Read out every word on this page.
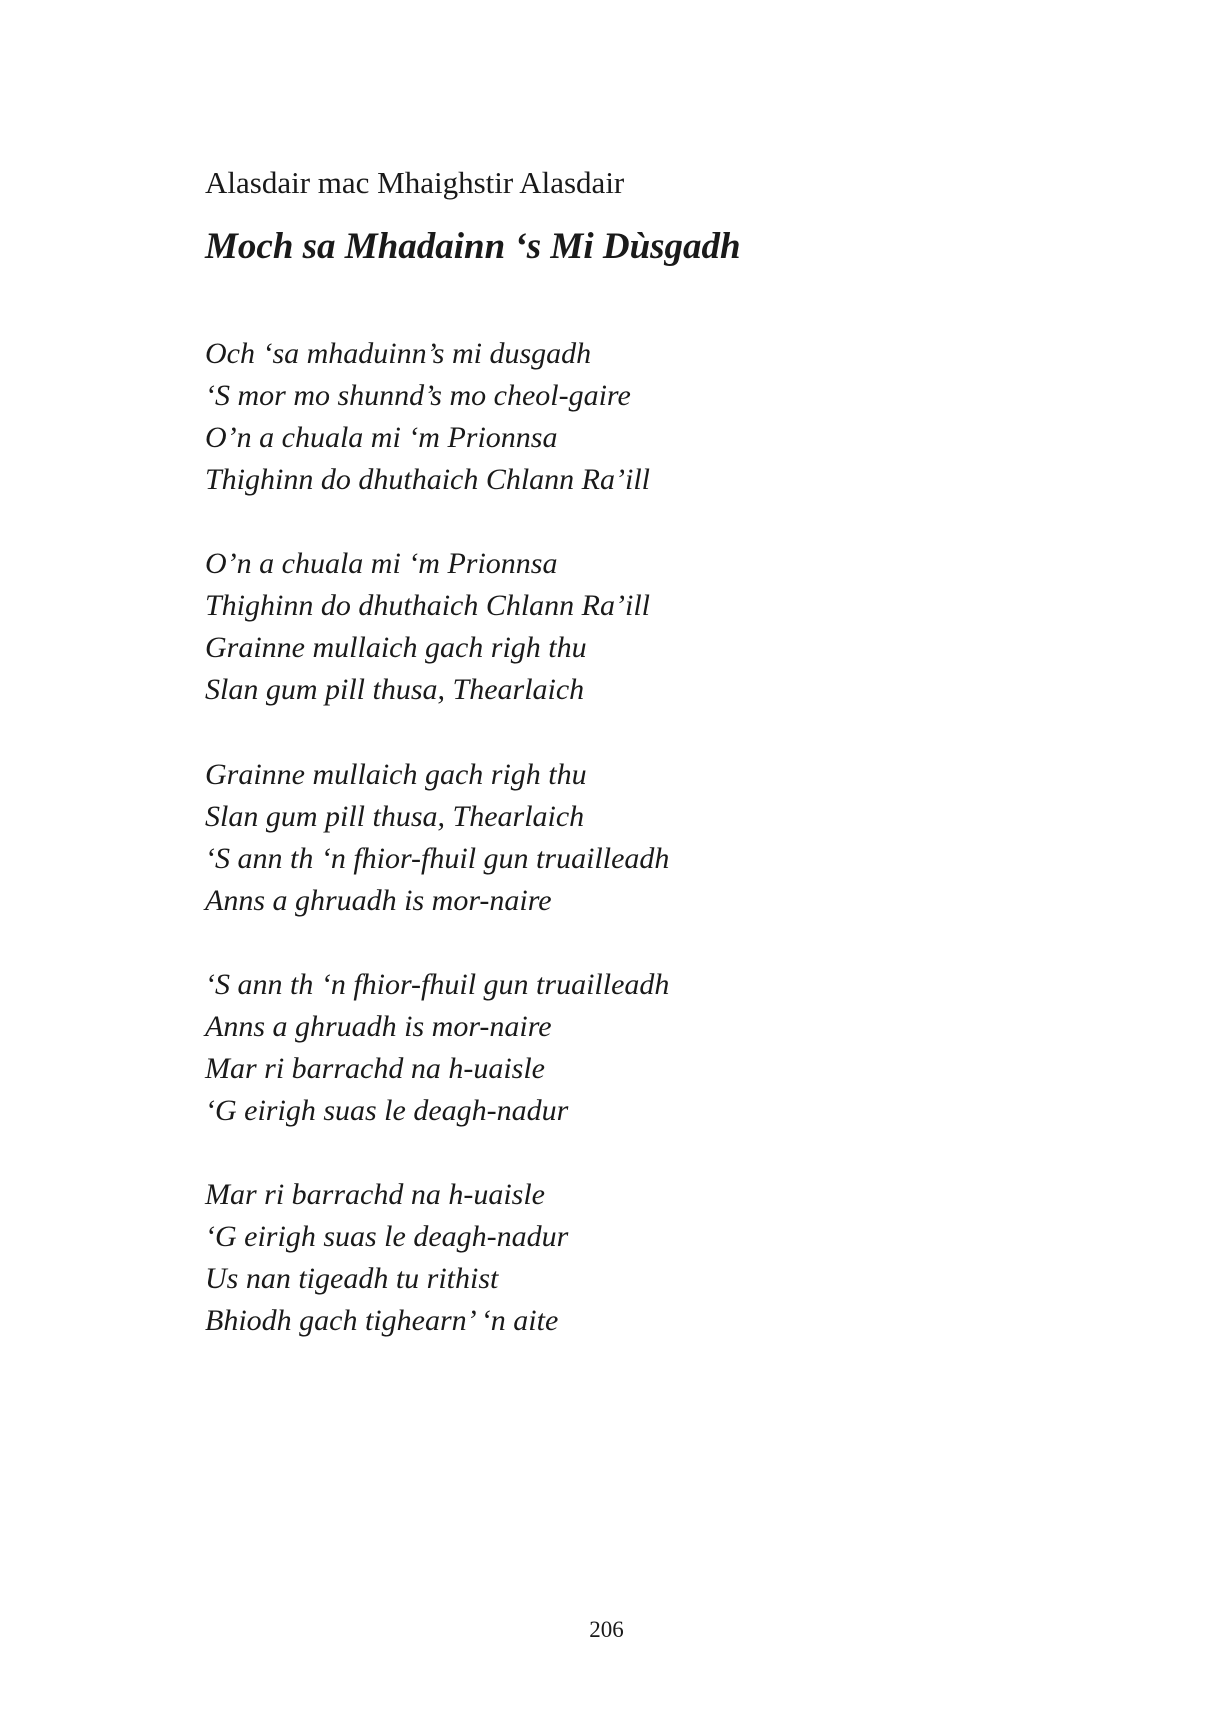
Alasdair mac Mhaighstir Alasdair
Moch sa Mhadainn ‘s Mi Dùsgadh
Och ‘sa mhaduinn’s mi dusgadh
‘S mor mo shunnd’s mo cheol-gaire
O’n a chuala mi ‘m Prionnsa
Thighinn do dhuthaich Chlann Ra’ill
O’n a chuala mi ‘m Prionnsa
Thighinn do dhuthaich Chlann Ra’ill
Grainne mullaich gach righ thu
Slan gum pill thusa, Thearlaich
Grainne mullaich gach righ thu
Slan gum pill thusa, Thearlaich
‘S ann th ‘n fhior-fhuil gun truailleadh
Anns a ghruadh is mor-naire
‘S ann th ‘n fhior-fhuil gun truailleadh
Anns a ghruadh is mor-naire
Mar ri barrachd na h-uaisle
‘G eirigh suas le deagh-nadur
Mar ri barrachd na h-uaisle
‘G eirigh suas le deagh-nadur
Us nan tigeadh tu rithist
Bhiodh gach tighearn’ ‘n aite
206
